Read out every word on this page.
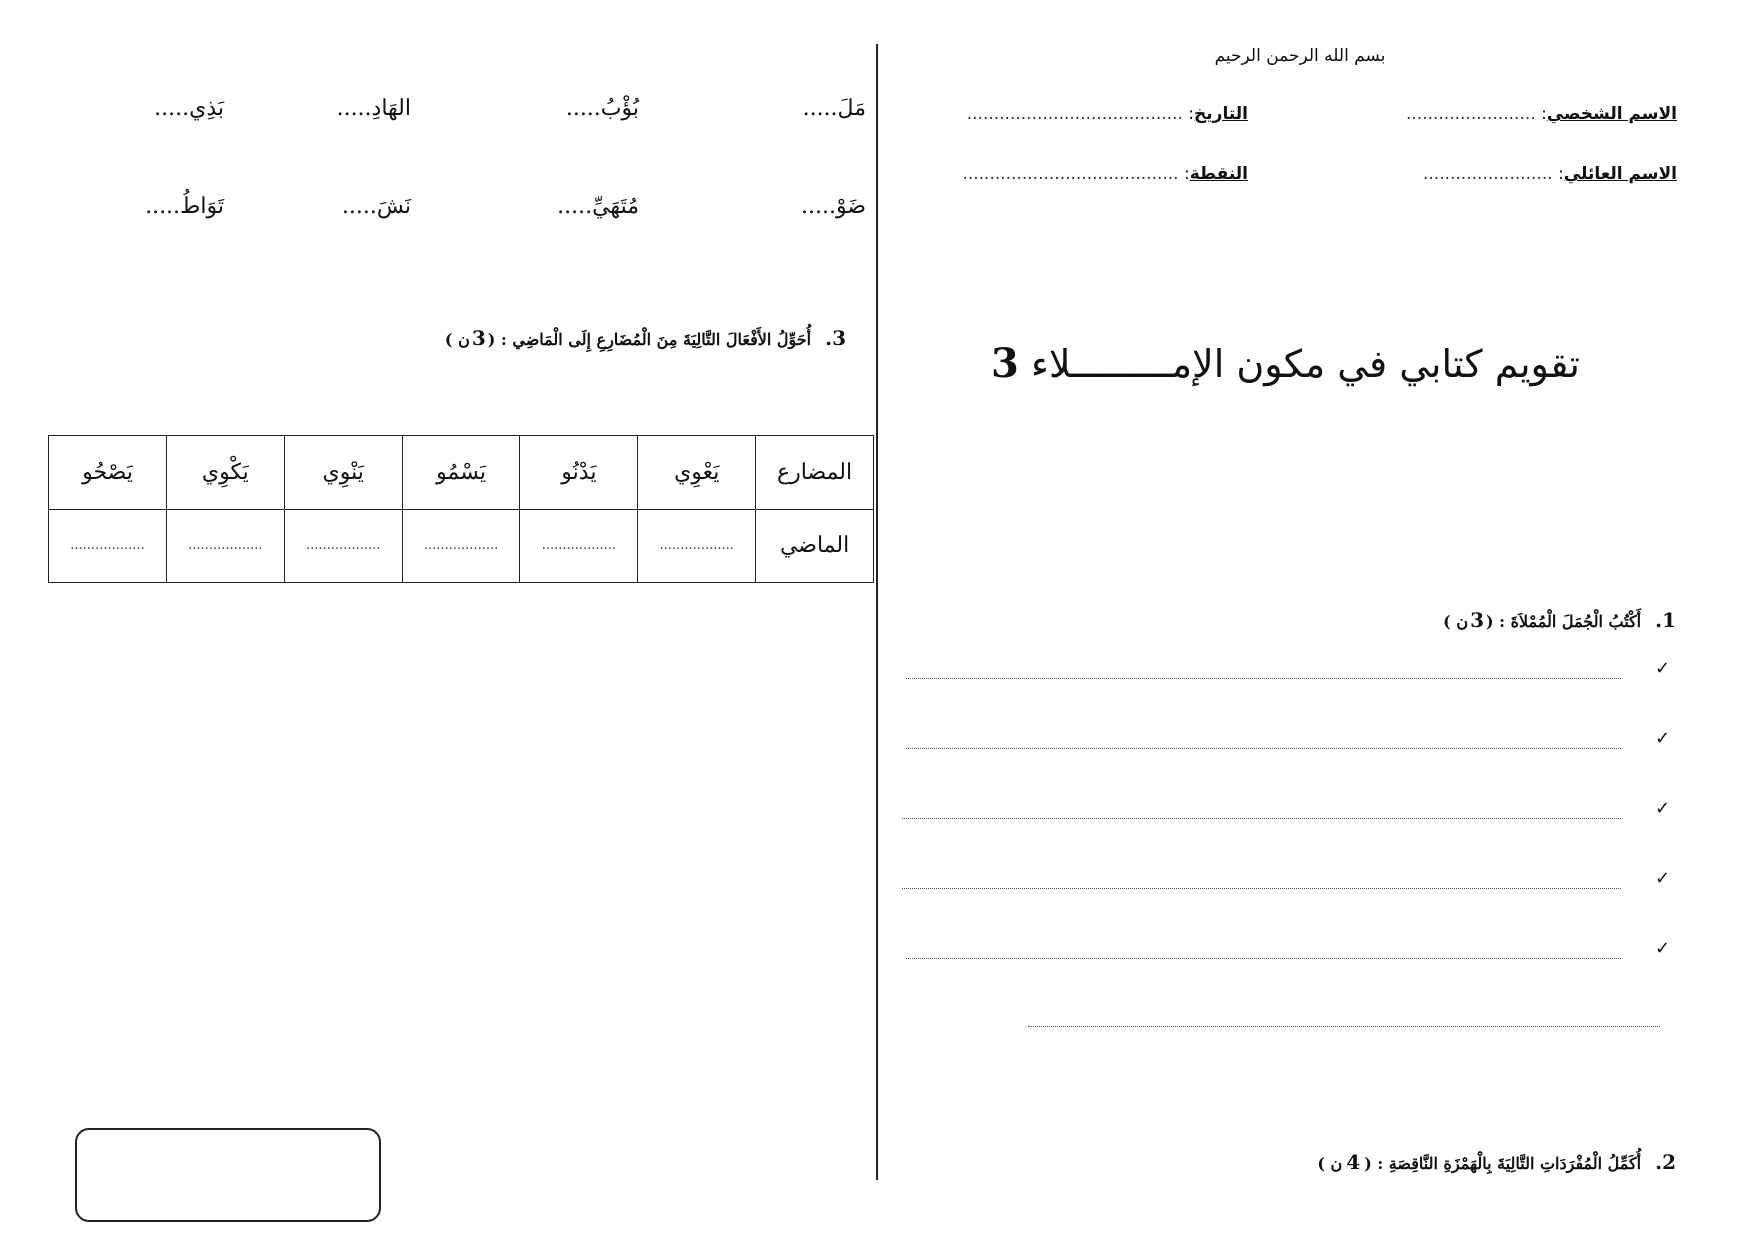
بسم الله الرحمن الرحيم
الاسم الشخصي: ........................
التاريخ: ........................................
الاسم العائلي: ........................
النقطة: ........................................
تقويم كتابي في مكون الإمـــــــــلاء 3
1.أَكْتُبُ الْجُمَلَ الْمُمْلاَةَ : (3ن )
✓
✓
✓
✓
✓
2.أُكَمِّلُ الْمُفْرَدَاتِ التَّالِيَةَ بِالْهَمْزَةِ النَّاقِصَةِ : (4ن )
مَلَ.....
بُؤْبُ.....
الهَادِ.....
بَذِي.....
ضَوْ.....
مُتَهَيِّ.....
نَشَ.....
تَوَاطُ.....
3.أُحَوِّلُ الأَفْعَالَ التَّالِيَةَ مِنَ الْمُضَارِعِ إِلَى الْمَاضِي : (3ن )
المضارع	يَعْوِي	يَدْنُو	يَسْمُو	يَنْوِي	يَكْوِي	يَصْحُو
الماضي	..................	..................	..................	..................	..................	..................
